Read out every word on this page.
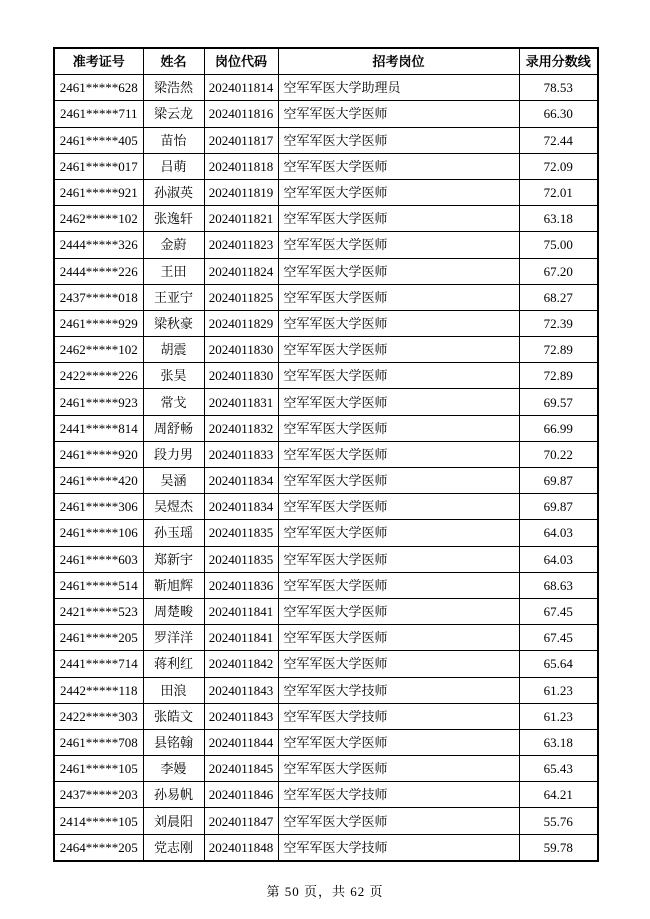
准考证号	姓名	岗位代码	招考岗位	录用分数线
2461*****628	梁浩然	2024011814	空军军医大学助理员	78.53
2461*****711	梁云龙	2024011816	空军军医大学医师	66.30
2461*****405	苗怡	2024011817	空军军医大学医师	72.44
2461*****017	吕萌	2024011818	空军军医大学医师	72.09
2461*****921	孙淑英	2024011819	空军军医大学医师	72.01
2462*****102	张逸轩	2024011821	空军军医大学医师	63.18
2444*****326	金蔚	2024011823	空军军医大学医师	75.00
2444*****226	王田	2024011824	空军军医大学医师	67.20
2437*****018	王亚宁	2024011825	空军军医大学医师	68.27
2461*****929	梁秋豪	2024011829	空军军医大学医师	72.39
2462*****102	胡震	2024011830	空军军医大学医师	72.89
2422*****226	张昊	2024011830	空军军医大学医师	72.89
2461*****923	常戈	2024011831	空军军医大学医师	69.57
2441*****814	周舒畅	2024011832	空军军医大学医师	66.99
2461*****920	段力男	2024011833	空军军医大学医师	70.22
2461*****420	吴涵	2024011834	空军军医大学医师	69.87
2461*****306	吴煜杰	2024011834	空军军医大学医师	69.87
2461*****106	孙玉瑶	2024011835	空军军医大学医师	64.03
2461*****603	郑新宇	2024011835	空军军医大学医师	64.03
2461*****514	靳旭辉	2024011836	空军军医大学医师	68.63
2421*****523	周楚畯	2024011841	空军军医大学医师	67.45
2461*****205	罗洋洋	2024011841	空军军医大学医师	67.45
2441*****714	蒋利红	2024011842	空军军医大学医师	65.64
2442*****118	田浪	2024011843	空军军医大学技师	61.23
2422*****303	张皓文	2024011843	空军军医大学技师	61.23
2461*****708	县铭翰	2024011844	空军军医大学医师	63.18
2461*****105	李嫚	2024011845	空军军医大学医师	65.43
2437*****203	孙易帆	2024011846	空军军医大学技师	64.21
2414*****105	刘晨阳	2024011847	空军军医大学医师	55.76
2464*****205	党志刚	2024011848	空军军医大学技师	59.78
第 50 页，共 62 页
